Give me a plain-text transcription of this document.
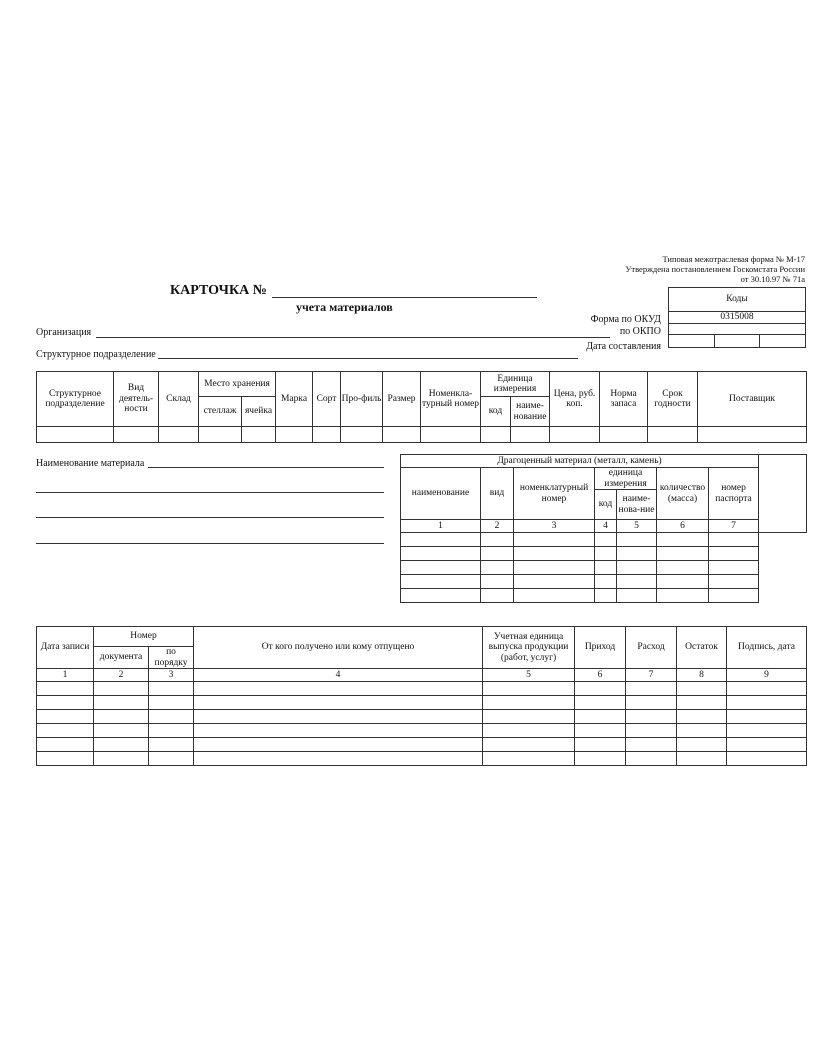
Типовая межотраслевая форма № М-17
Утверждена постановлением Госкомстата России
от 30.10.97 № 71а
КАРТОЧКА №
учета материалов
Коды
0315008

Форма по ОКУД
по ОКПО
Дата составления
Организация
Структурное подразделение
Структурное подразделение	Вид деятель-ности	Склад	Место хранения		Марка	Сорт	Про-филь	Размер	Номенкла-турный номер	Единица измерения		Цена, руб. коп.	Норма запаса	Срок годности	Поставщик
			стеллаж	ячейка						код	наиме-нование				

Наименование материала	Драгоценный материал (металл, камень)								
наименование	вид	номенклатурный номер	единица измерения		количество (масса)	номер паспорта		
			код	наиме-нова-ние				
1	2	3	4	5	6	7	

Дата записи	Номер		От кого получено или кому отпущено	Учетная единица выпуска продукции (работ, услуг)	Приход	Расход	Остаток	Подпись, дата
	документа	по порядку						
1	2	3	4	5	6	7	8	9
